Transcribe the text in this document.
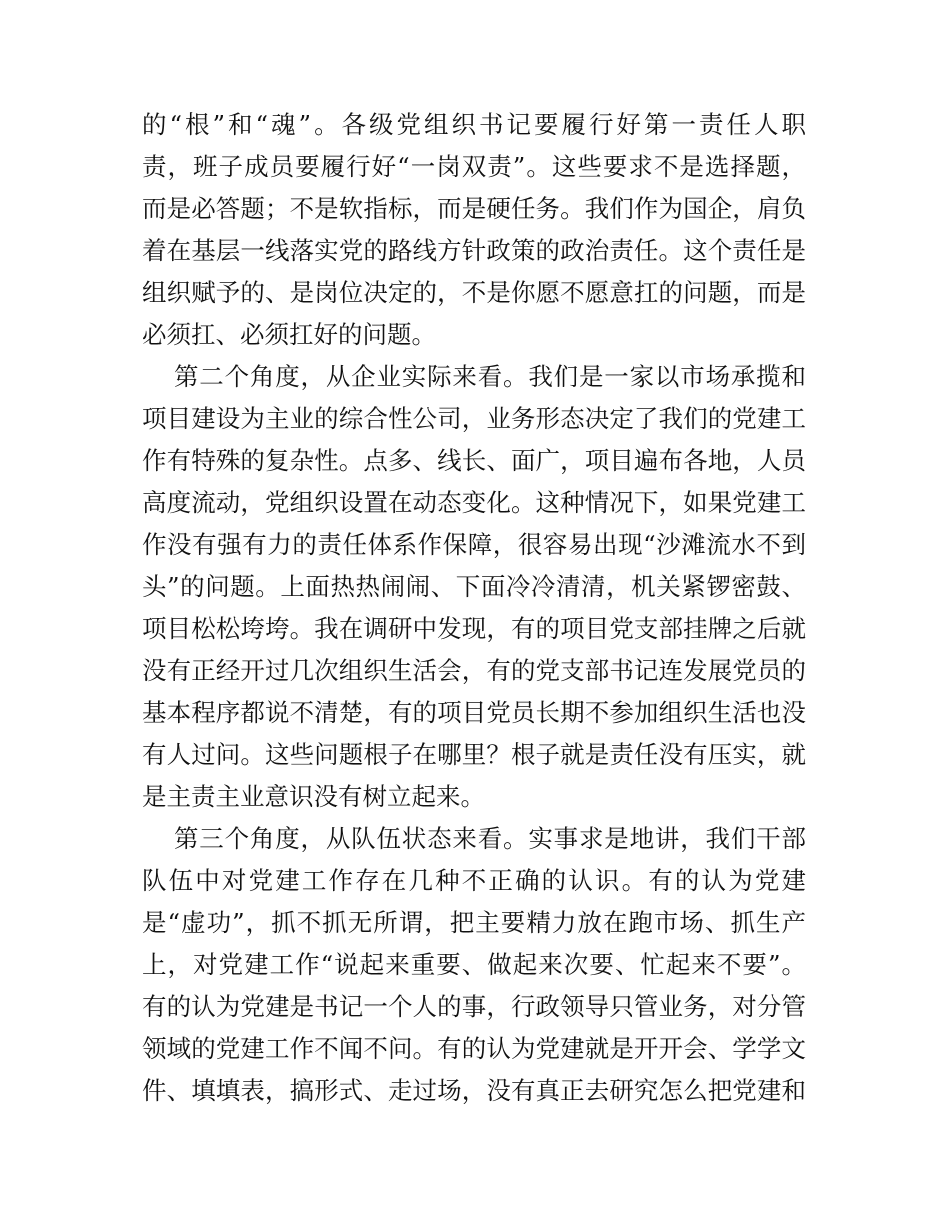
的“根”和“魂”。各级党组织书记要履行好第一责任人职
责，班子成员要履行好“一岗双责”。这些要求不是选择题，
而是必答题；不是软指标，而是硬任务。我们作为国企，肩负
着在基层一线落实党的路线方针政策的政治责任。这个责任是
组织赋予的、是岗位决定的，不是你愿不愿意扛的问题，而是
必须扛、必须扛好的问题。
第二个角度，从企业实际来看。我们是一家以市场承揽和
项目建设为主业的综合性公司，业务形态决定了我们的党建工
作有特殊的复杂性。点多、线长、面广，项目遍布各地，人员
高度流动，党组织设置在动态变化。这种情况下，如果党建工
作没有强有力的责任体系作保障，很容易出现“沙滩流水不到
头”的问题。上面热热闹闹、下面冷冷清清，机关紧锣密鼓、
项目松松垮垮。我在调研中发现，有的项目党支部挂牌之后就
没有正经开过几次组织生活会，有的党支部书记连发展党员的
基本程序都说不清楚，有的项目党员长期不参加组织生活也没
有人过问。这些问题根子在哪里？根子就是责任没有压实，就
是主责主业意识没有树立起来。
第三个角度，从队伍状态来看。实事求是地讲，我们干部
队伍中对党建工作存在几种不正确的认识。有的认为党建
是“虚功”，抓不抓无所谓，把主要精力放在跑市场、抓生产
上，对党建工作“说起来重要、做起来次要、忙起来不要”。
有的认为党建是书记一个人的事，行政领导只管业务，对分管
领域的党建工作不闻不问。有的认为党建就是开开会、学学文
件、填填表，搞形式、走过场，没有真正去研究怎么把党建和
